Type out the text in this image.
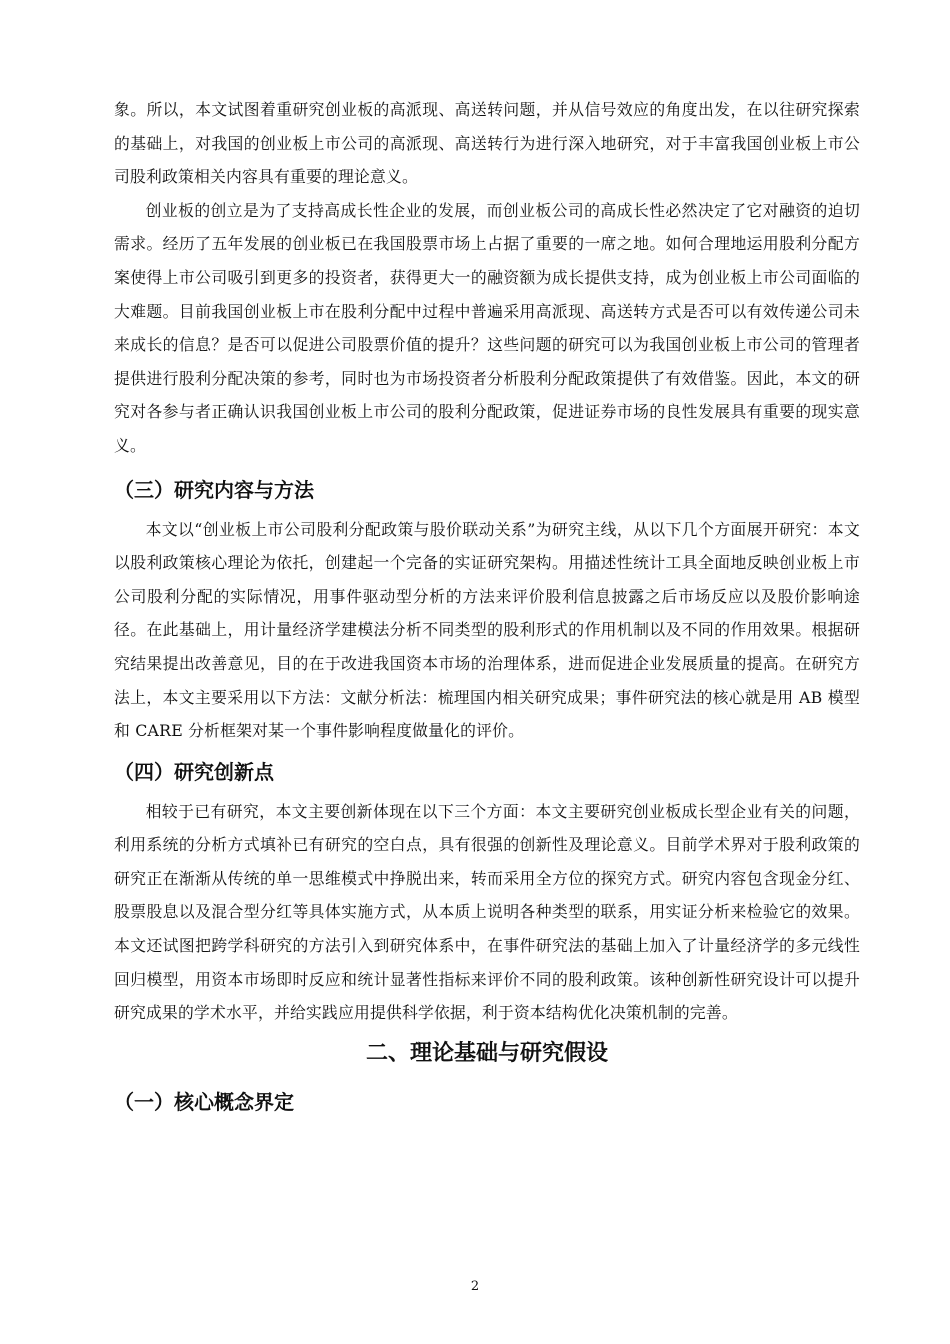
象。所以，本文试图着重研究创业板的高派现、高送转问题，并从信号效应的角度出发，在以往研究探索的基础上，对我国的创业板上市公司的高派现、高送转行为进行深入地研究，对于丰富我国创业板上市公司股利政策相关内容具有重要的理论意义。

创业板的创立是为了支持高成长性企业的发展，而创业板公司的高成长性必然决定了它对融资的迫切需求。经历了五年发展的创业板已在我国股票市场上占据了重要的一席之地。如何合理地运用股利分配方案使得上市公司吸引到更多的投资者，获得更大一的融资额为成长提供支持，成为创业板上市公司面临的大难题。目前我国创业板上市在股利分配中过程中普遍采用高派现、高送转方式是否可以有效传递公司未来成长的信息？是否可以促进公司股票价值的提升？这些问题的研究可以为我国创业板上市公司的管理者提供进行股利分配决策的参考，同时也为市场投资者分析股利分配政策提供了有效借鉴。因此，本文的研究对各参与者正确认识我国创业板上市公司的股利分配政策，促进证券市场的良性发展具有重要的现实意义。

（三）研究内容与方法

本文以“创业板上市公司股利分配政策与股价联动关系”为研究主线，从以下几个方面展开研究：本文以股利政策核心理论为依托，创建起一个完备的实证研究架构。用描述性统计工具全面地反映创业板上市公司股利分配的实际情况，用事件驱动型分析的方法来评价股利信息披露之后市场反应以及股价影响途径。在此基础上，用计量经济学建模法分析不同类型的股利形式的作用机制以及不同的作用效果。根据研究结果提出改善意见，目的在于改进我国资本市场的治理体系，进而促进企业发展质量的提高。在研究方法上，本文主要采用以下方法：文献分析法：梳理国内相关研究成果；事件研究法的核心就是用 AB 模型和 CARE 分析框架对某一个事件影响程度做量化的评价。

（四）研究创新点

相较于已有研究，本文主要创新体现在以下三个方面：本文主要研究创业板成长型企业有关的问题，利用系统的分析方式填补已有研究的空白点，具有很强的创新性及理论意义。目前学术界对于股利政策的研究正在渐渐从传统的单一思维模式中挣脱出来，转而采用全方位的探究方式。研究内容包含现金分红、股票股息以及混合型分红等具体实施方式，从本质上说明各种类型的联系，用实证分析来检验它的效果。本文还试图把跨学科研究的方法引入到研究体系中，在事件研究法的基础上加入了计量经济学的多元线性回归模型，用资本市场即时反应和统计显著性指标来评价不同的股利政策。该种创新性研究设计可以提升研究成果的学术水平，并给实践应用提供科学依据，利于资本结构优化决策机制的完善。

二、理论基础与研究假设
（一）核心概念界定
2
